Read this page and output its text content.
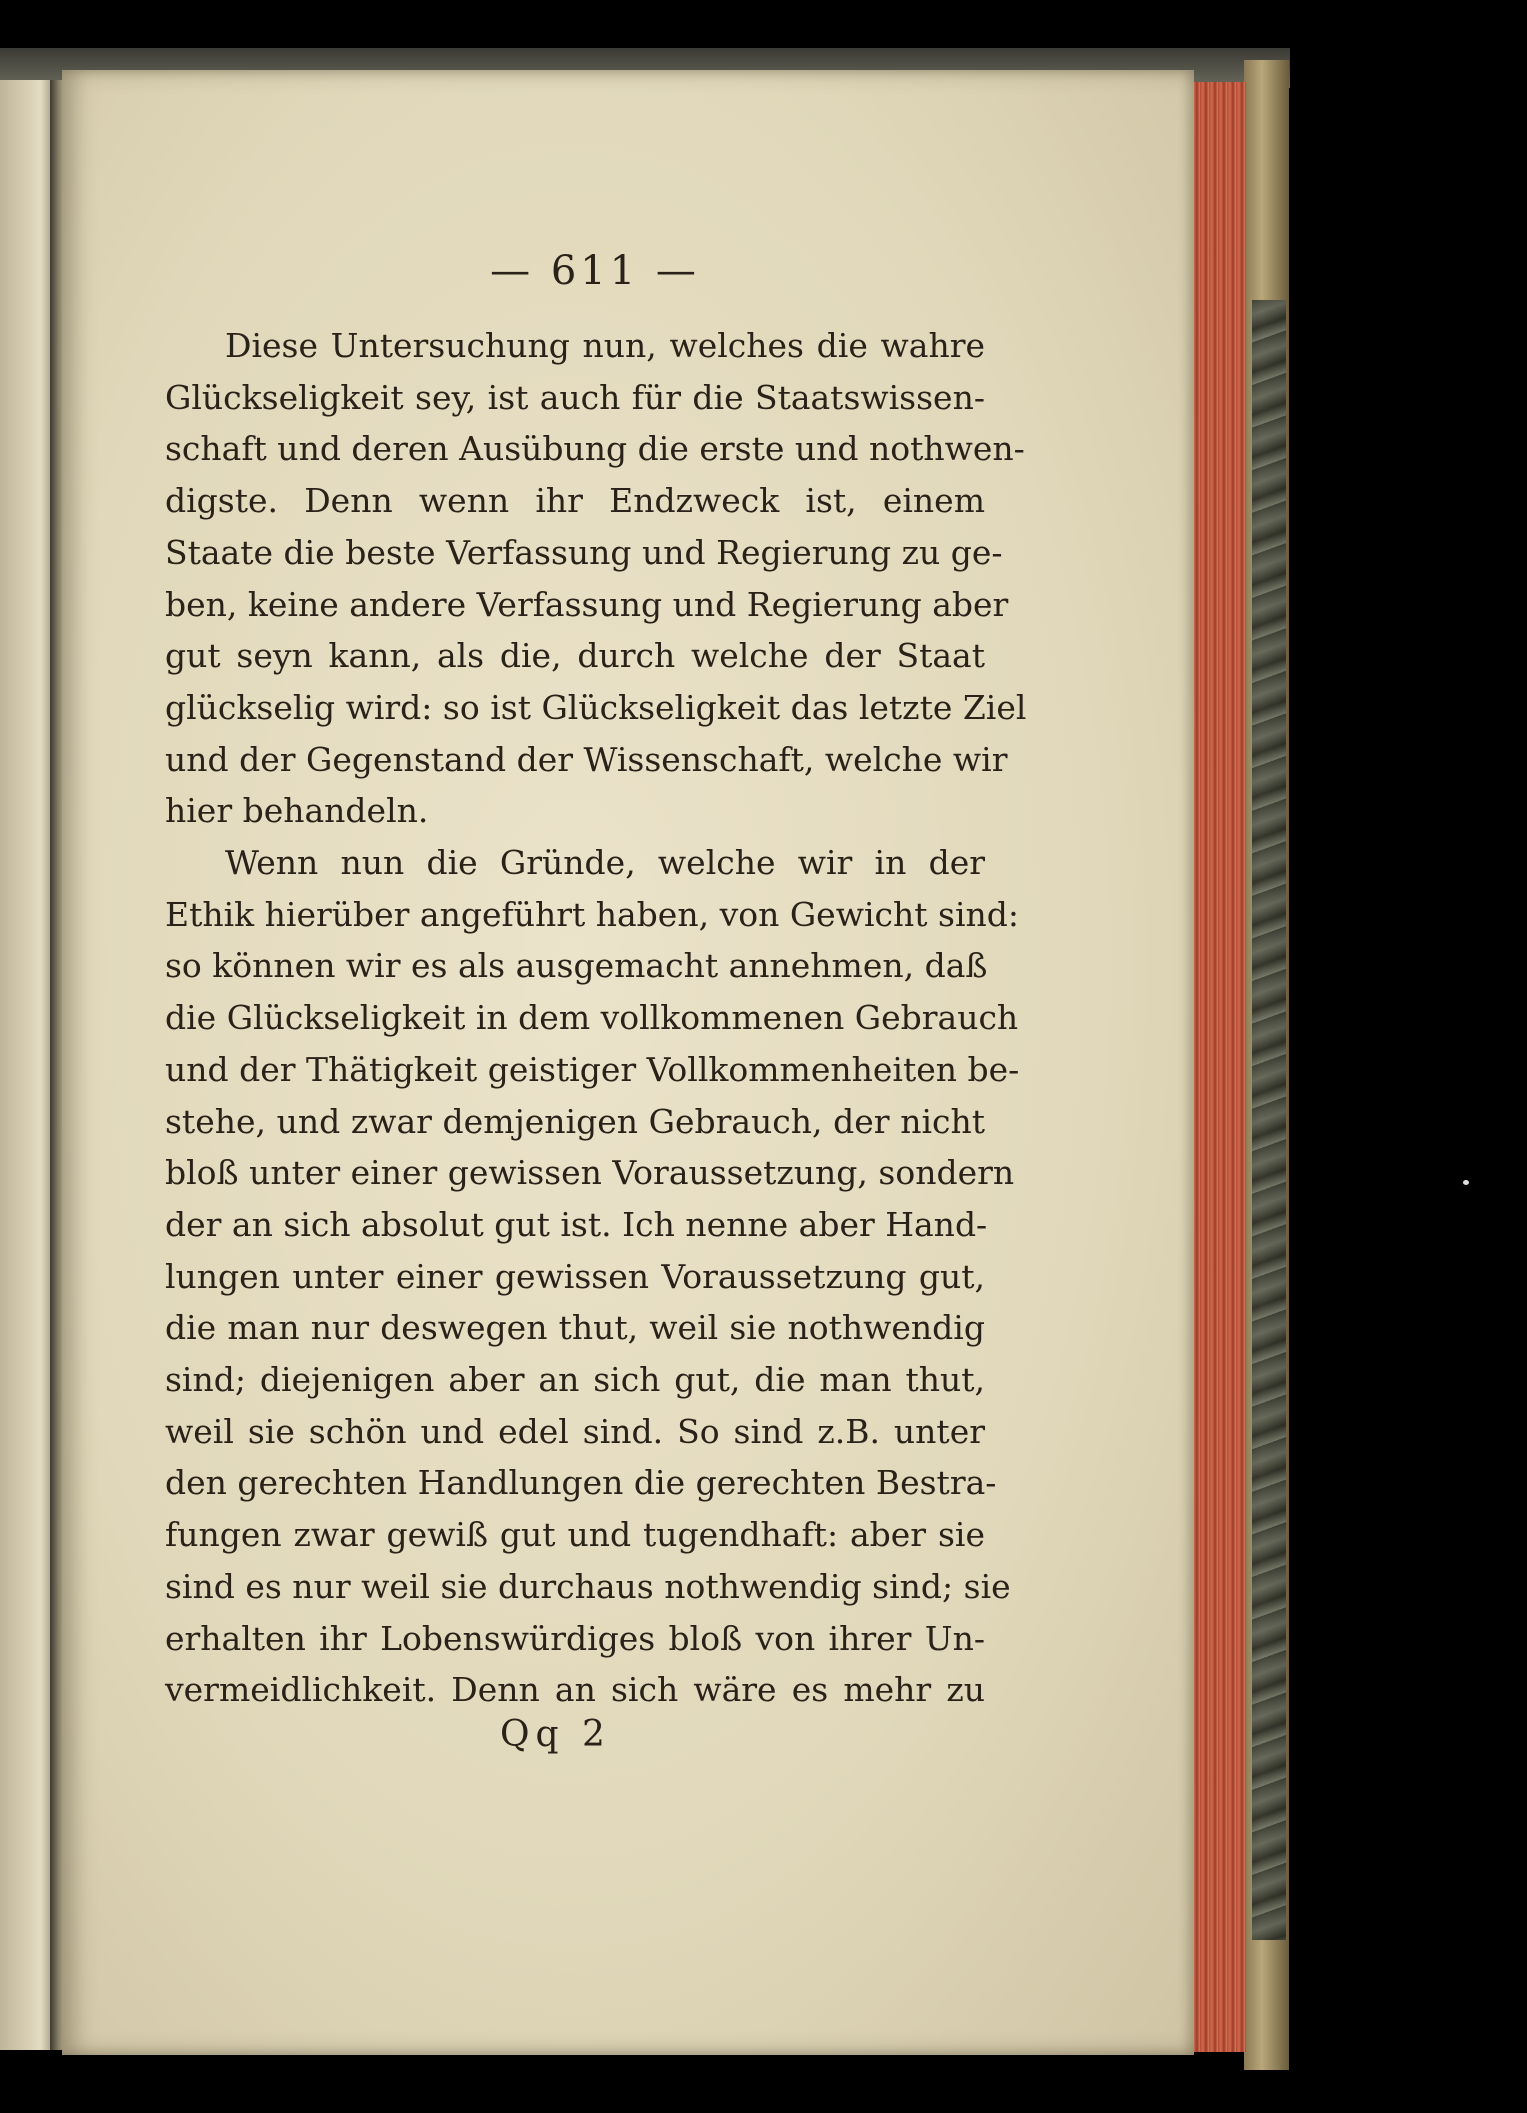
— 611 —
Diese Untersuchung nun, welches die wahre
Glückseligkeit sey, ist auch für die Staatswissen-
schaft und deren Ausübung die erste und nothwen-
digste. Denn wenn ihr Endzweck ist, einem
Staate die beste Verfassung und Regierung zu ge-
ben, keine andere Verfassung und Regierung aber
gut seyn kann, als die, durch welche der Staat
glückselig wird: so ist Glückseligkeit das letzte Ziel
und der Gegenstand der Wissenschaft, welche wir
hier behandeln.
Wenn nun die Gründe, welche wir in der
Ethik hierüber angeführt haben, von Gewicht sind:
so können wir es als ausgemacht annehmen, daß
die Glückseligkeit in dem vollkommenen Gebrauch
und der Thätigkeit geistiger Vollkommenheiten be-
stehe, und zwar demjenigen Gebrauch, der nicht
bloß unter einer gewissen Voraussetzung, sondern
der an sich absolut gut ist. Ich nenne aber Hand-
lungen unter einer gewissen Voraussetzung gut,
die man nur deswegen thut, weil sie nothwendig
sind; diejenigen aber an sich gut, die man thut,
weil sie schön und edel sind. So sind z.B. unter
den gerechten Handlungen die gerechten Bestra-
fungen zwar gewiß gut und tugendhaft: aber sie
sind es nur weil sie durchaus nothwendig sind; sie
erhalten ihr Lobenswürdiges bloß von ihrer Un-
vermeidlichkeit. Denn an sich wäre es mehr zu
Qq 2
